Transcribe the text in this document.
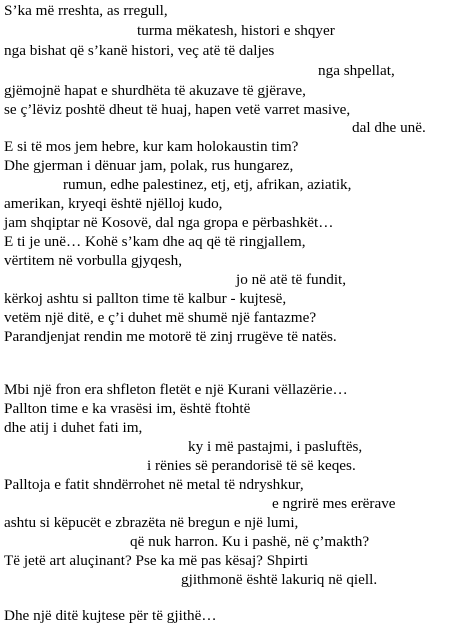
S’ka më rreshta, as rregull,
turma mëkatesh, histori e shqyer
nga bishat që s’kanë histori, veç atë të daljes
nga shpellat,
gjëmojnë hapat e shurdhëta të akuzave të gjërave,
se ç’lëviz poshtë dheut të huaj, hapen vetë varret masive,
dal dhe unë.
E si të mos jem hebre, kur kam holokaustin tim?
Dhe gjerman i dënuar jam, polak, rus hungarez,
rumun, edhe palestinez, etj, etj, afrikan, aziatik,
amerikan, kryeqi është njëlloj kudo,
jam shqiptar në Kosovë, dal nga gropa e përbashkët…
E ti je unë… Kohë s’kam dhe aq që të ringjallem,
vërtitem në vorbulla gjyqesh,
jo në atë të fundit,
kërkoj ashtu si pallton time të kalbur - kujtesë,
vetëm një ditë, e ç’i duhet më shumë një fantazme?
Parandjenjat rendin me motorë të zinj rrugëve të natës.
Mbi një fron era shfleton fletët e një Kurani vëllazërie…
Pallton time e ka vrasësi im, është ftohtë
dhe atij i duhet fati im,
ky i më pastajmi, i pasluftës,
i rënies së perandorisë të së keqes.
Palltoja e fatit shndërrohet në metal të ndryshkur,
e ngrirë mes erërave
ashtu si këpucët e zbrazëta në bregun e një lumi,
që nuk harron. Ku i pashë, në ç’makth?
Të jetë art aluçinant? Pse ka më pas kësaj? Shpirti
gjithmonë është lakuriq në qiell.
Dhe një ditë kujtese për të gjithë…
